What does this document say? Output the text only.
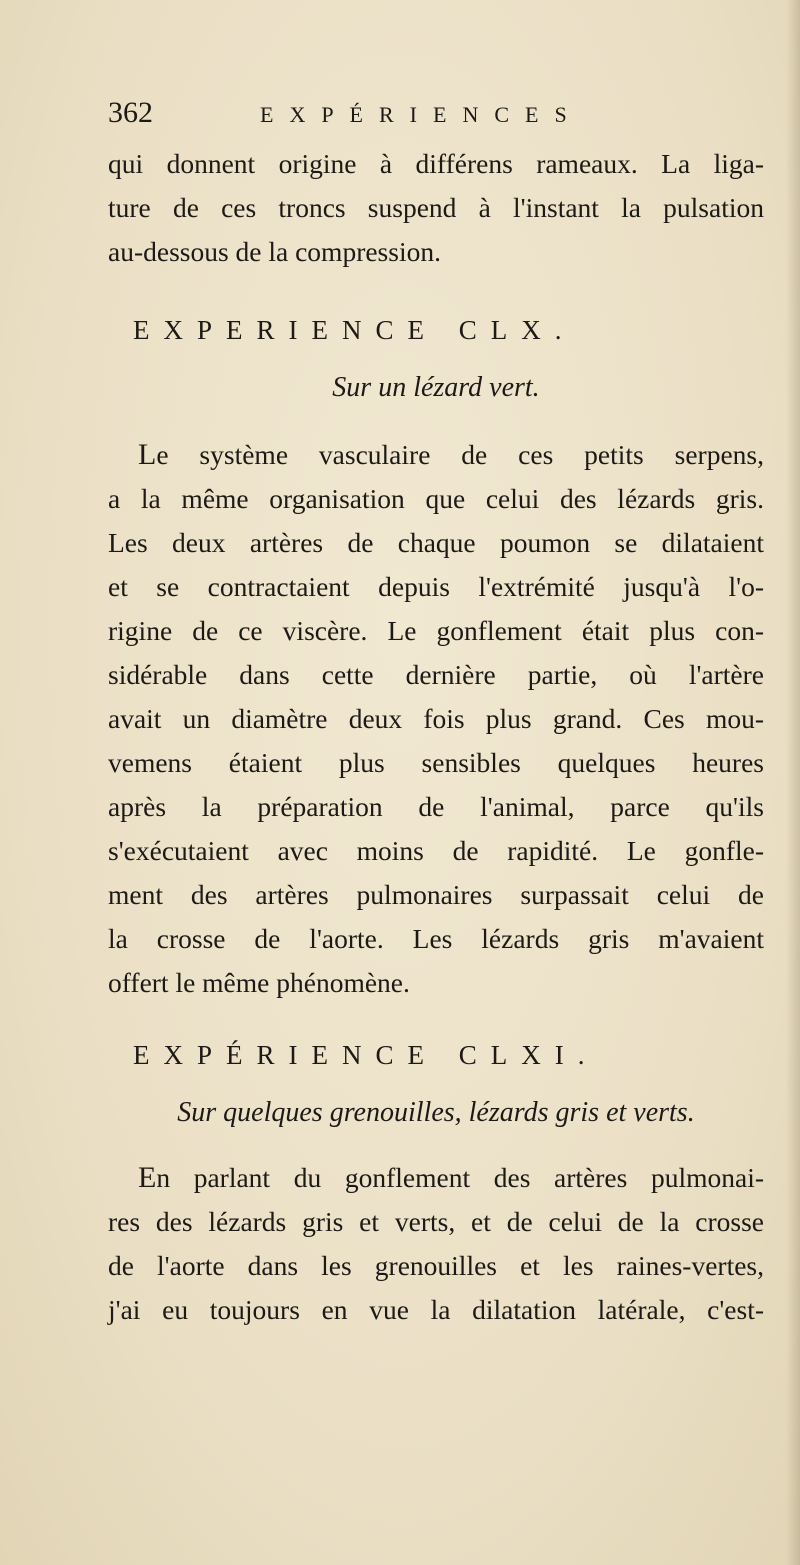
362	EXPÉRIENCES
qui donnent origine à différens rameaux. La liga-
ture de ces troncs suspend à l'instant la pulsation
au-dessous de la compression.
EXPERIENCE CLX.
Sur un lézard vert.
Le système vasculaire de ces petits serpens,
a la même organisation que celui des lézards gris.
Les deux artères de chaque poumon se dilataient
et se contractaient depuis l'extrémité jusqu'à l'o-
rigine de ce viscère. Le gonflement était plus con-
sidérable dans cette dernière partie, où l'artère
avait un diamètre deux fois plus grand. Ces mou-
vemens étaient plus sensibles quelques heures
après la préparation de l'animal, parce qu'ils
s'exécutaient avec moins de rapidité. Le gonfle-
ment des artères pulmonaires surpassait celui de
la crosse de l'aorte. Les lézards gris m'avaient
offert le même phénomène.
EXPÉRIENCE CLXI.
Sur quelques grenouilles, lézards gris et verts.
En parlant du gonflement des artères pulmonai-
res des lézards gris et verts, et de celui de la crosse
de l'aorte dans les grenouilles et les raines-vertes,
j'ai eu toujours en vue la dilatation latérale, c'est-
